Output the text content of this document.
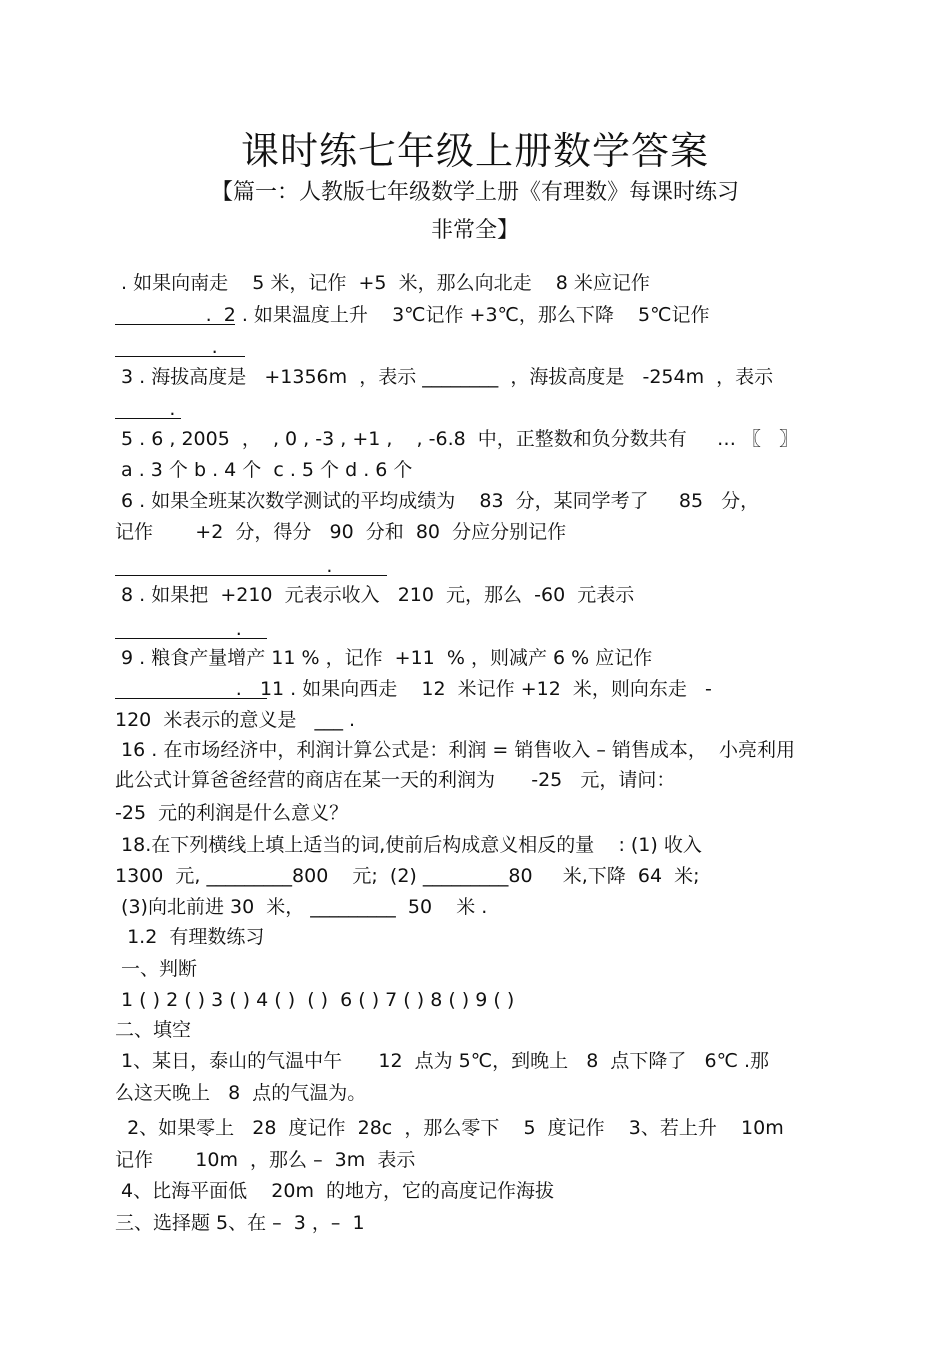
课时练七年级上册数学答案
【篇一：人教版七年级数学上册《有理数》每课时练习
非常全】
. 如果向南走    5 米，记作  +5  米，那么向北走    8 米应记作
.  2 . 如果温度上升    3℃记作 +3℃，那么下降    5℃记作
.
3 . 海拔高度是   +1356m  ，表示 ________  ，海拔高度是   -254m  ，表示
.
5 . 6 , 2005  ，  , 0 , -3 , +1 ,    , -6.8  中，正整数和负分数共有     … 〖   〗
a . 3 个 b . 4 个  c . 5 个 d . 6 个
6 . 如果全班某次数学测试的平均成绩为    83  分，某同学考了     85   分，
记作       +2  分，得分   90  分和  80  分应分别记作
.
8 . 如果把  +210  元表示收入   210  元，那么  -60  元表示
.
9 . 粮食产量增产 11 % ，记作  +11  % ，则减产 6 % 应记作
.   11 . 如果向西走    12  米记作 +12  米，则向东走   -
120  米表示的意义是   ___ .
16 . 在市场经济中，利润计算公式是：利润 = 销售收入 – 销售成本，  小亮利用
此公式计算爸爸经营的商店在某一天的利润为      -25   元，请问：
-25  元的利润是什么意义？
18.在下列横线上填上适当的词,使前后构成意义相反的量    : (1) 收入
1300  元, _________800    元;  (2) _________80     米,下降  64  米;
(3)向北前进 30  米， _________  50    米 .
1.2  有理数练习
一、判断
1 ( ) 2 ( ) 3 ( ) 4 ( )  ( )  6 ( ) 7 ( ) 8 ( ) 9 ( )
二、填空
1、某日，泰山的气温中午      12  点为 5℃，到晚上   8  点下降了   6℃ .那
么这天晚上   8  点的气温为。
2、如果零上   28  度记作  28c  ，那么零下    5  度记作    3、若上升    10m
记作       10m  ，那么 –  3m  表示
4、比海平面低    20m  的地方，它的高度记作海拔
三、选择题 5、在 –  3 ，–  1
